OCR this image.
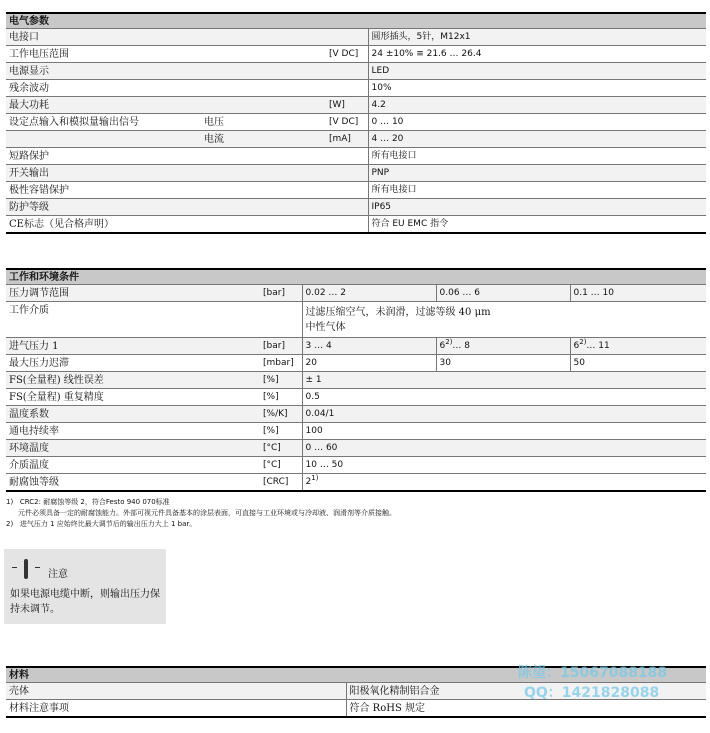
电气参数			
电接口			圆形插头，5针，M12x1
工作电压范围		[V DC]	24 ±10% ≡ 21.6 … 26.4
电源显示			LED
残余波动			10%
最大功耗		[W]	4.2
设定点输入和模拟量输出信号	电压	[V DC]	0 … 10
	电流	[mA]	4 … 20
短路保护			所有电接口
开关输出			PNP
极性容错保护			所有电接口
防护等级			IP65
CE标志（见合格声明）			符合 EU EMC 指令
工作和环境条件				
压力调节范围	[bar]	0.02 … 2	0.06 … 6	0.1 … 10
工作介质		过滤压缩空气，未润滑，过滤等级 40 μm
中性气体		

进气压力 1	[bar]	3 … 4	6$^{2)}$… 8	6$^{2)}$… 11
最大压力迟滞	[mbar]	20	30	50
FS(全量程) 线性误差	[%]	± 1		
FS(全量程) 重复精度	[%]	0.5		
温度系数	[%/K]	0.04/1		
通电持续率	[%]	100		
环境温度	[°C]	0 … 60		
介质温度	[°C]	10 … 50		
耐腐蚀等级	[CRC]	2$^{1)}$
1) CRC2: 耐腐蚀等级 2，符合Festo 940 070标准
元件必须具备一定的耐腐蚀能力。外部可视元件具备基本的涂层表面，可直接与工业环境或与冷却液、润滑剂等介质接触。
2) 进气压力 1 应始终比最大调节后的输出压力大上 1 bar。
注意
如果电源电缆中断，则输出压力保持未调节。
材料	
壳体	阳极氧化精制铝合金
材料注意事项	符合 RoHS 规定
陈望：15067088188
QQ：1421828088
